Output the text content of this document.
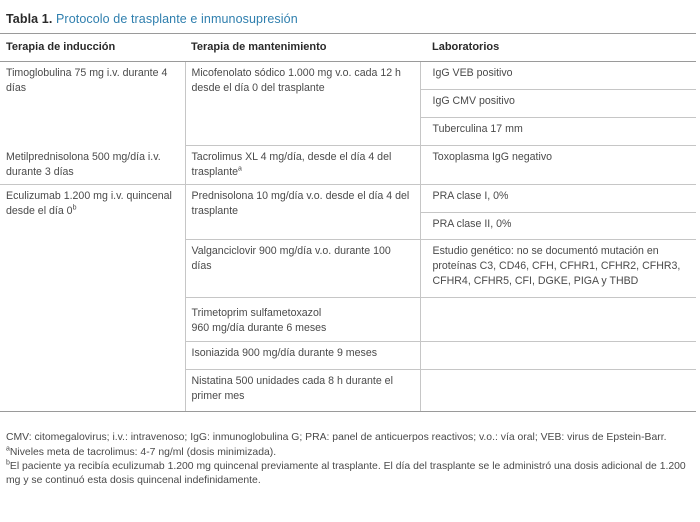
Tabla 1. Protocolo de trasplante e inmunosupresión
Terapia de inducción	Terapia de mantenimiento	Laboratorios
Timoglobulina 75 mg i.v. durante 4 días	Micofenolato sódico 1.000 mg v.o. cada 12 h desde el día 0 del trasplante	IgG VEB positivo
		IgG CMV positivo
		Tuberculina 17 mm
Metilprednisolona 500 mg/día i.v. durante 3 días	Tacrolimus XL 4 mg/día, desde el día 4 del trasplante$^a$	Toxoplasma IgG negativo
Eculizumab 1.200 mg i.v. quincenal desde el día 0$^b$	Prednisolona 10 mg/día v.o. desde el día 4 del trasplante	PRA clase I, 0%
		PRA clase II, 0%
	Valganciclovir 900 mg/día v.o. durante 100 días	Estudio genético: no se documentó mutación en proteínas C3, CD46, CFH, CFHR1, CFHR2, CFHR3, CFHR4, CFHR5, CFI, DGKE, PIGA y THBD

	Trimetoprim sulfametoxazol
960 mg/día durante 6 meses	

	Isoniazida 900 mg/día durante 9 meses	
	Nistatina 500 unidades cada 8 h durante el primer mes	

CMV: citomegalovirus; i.v.: intravenoso; IgG: inmunoglobulina G; PRA: panel de anticuerpos reactivos; v.o.: vía oral; VEB: virus de Epstein-Barr.

$^a$Niveles meta de tacrolimus: 4-7 ng/ml (dosis minimizada).

$^b$El paciente ya recibía eculizumab 1.200 mg quincenal previamente al trasplante. El día del trasplante se le administró una dosis adicional de 1.200 mg y se continuó esta dosis quincenal indefinidamente.
